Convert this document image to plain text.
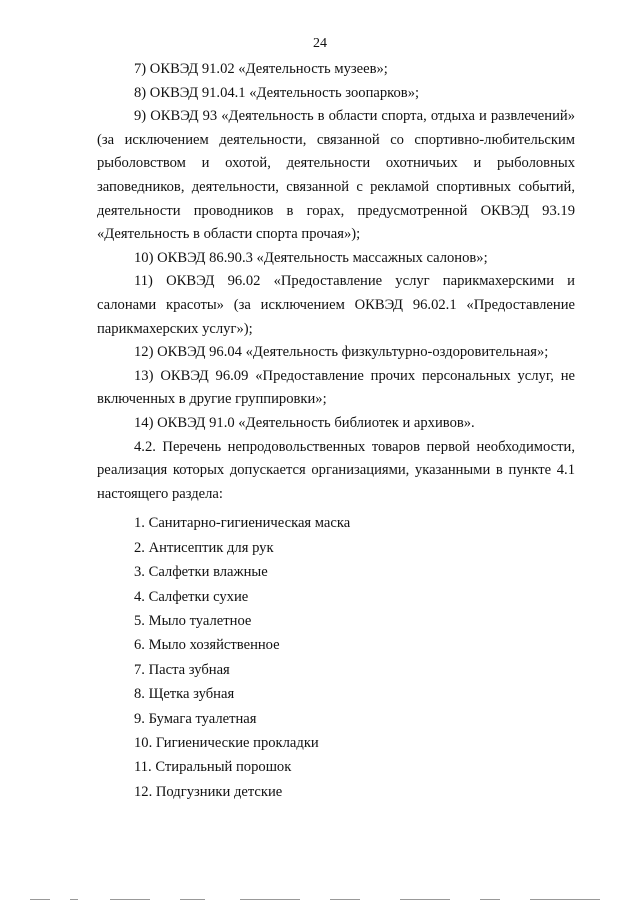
24

7) ОКВЭД 91.02 «Деятельность музеев»;

8) ОКВЭД 91.04.1 «Деятельность зоопарков»;

9) ОКВЭД 93 «Деятельность в области спорта, отдыха и развлечений» (за исключением деятельности, связанной со спортивно-любительским рыболовством и охотой, деятельности охотничьих и рыболовных заповедников, деятельности, связанной с рекламой спортивных событий, деятельности проводников в горах, предусмотренной ОКВЭД 93.19 «Деятельность в области спорта прочая»);

10) ОКВЭД 86.90.3 «Деятельность массажных салонов»;

11) ОКВЭД 96.02 «Предоставление услуг парикмахерскими и салонами красоты» (за исключением ОКВЭД 96.02.1 «Предоставление парикмахерских услуг»);

12) ОКВЭД 96.04 «Деятельность физкультурно-оздоровительная»;

13) ОКВЭД 96.09 «Предоставление прочих персональных услуг, не включенных в другие группировки»;

14) ОКВЭД 91.0 «Деятельность библиотек и архивов».

4.2. Перечень непродовольственных товаров первой необходимости, реализация которых допускается организациями, указанными в пункте 4.1 настоящего раздела:

1. Санитарно-гигиеническая маска
2. Антисептик для рук
3. Салфетки влажные
4. Салфетки сухие
5. Мыло туалетное
6. Мыло хозяйственное
7. Паста зубная
8. Щетка зубная
9. Бумага туалетная
10. Гигиенические прокладки
11. Стиральный порошок
12. Подгузники детские
